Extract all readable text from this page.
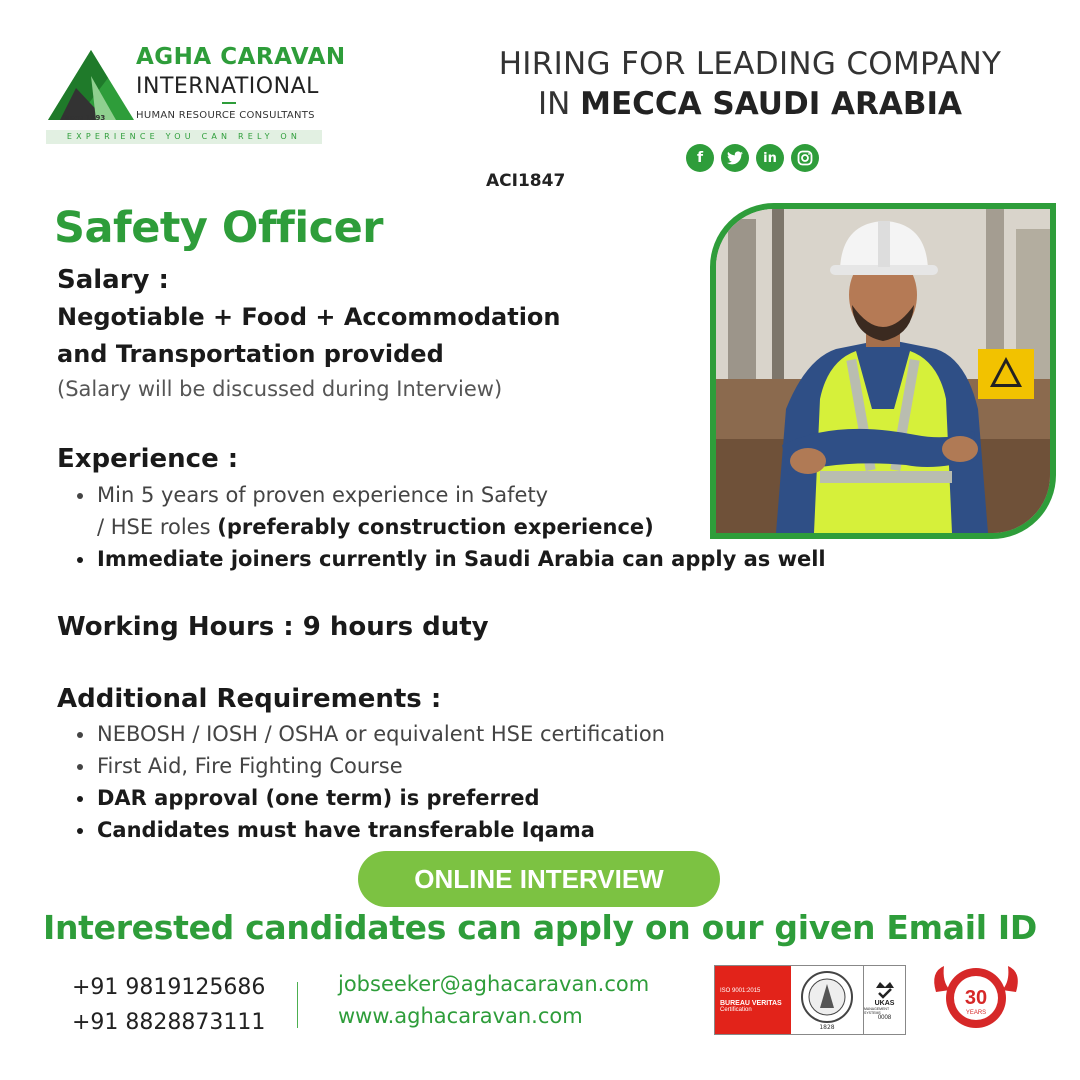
Since 1993
AGHA CARAVAN
INTERNATIONAL
HUMAN RESOURCE CONSULTANTS
EXPERIENCE YOU CAN RELY ON
HIRING FOR LEADING COMPANY
IN MECCA SAUDI ARABIA
f	in
ACI1847
Safety Officer
Salary :
Negotiable + Food + Accommodation
and Transportation provided
(Salary will be discussed during Interview)
Experience :
Min 5 years of proven experience in Safety
/ HSE roles (preferably construction experience)
Immediate joiners currently in Saudi Arabia can apply as well
Working Hours : 9 hours duty
Additional Requirements :
NEBOSH / IOSH / OSHA or equivalent HSE certification
First Aid, Fire Fighting Course
DAR approval (one term) is preferred
Candidates must have transferable Iqama
ONLINE INTERVIEW
Interested candidates can apply on our given Email ID
+91 9819125686
+91 8828873111
jobseeker@aghacaravan.com
www.aghacaravan.com
ISO 9001:2015
BUREAU VERITAS
Certification
1828
UKAS
MANAGEMENT SYSTEMS
0008
30
YEARS
